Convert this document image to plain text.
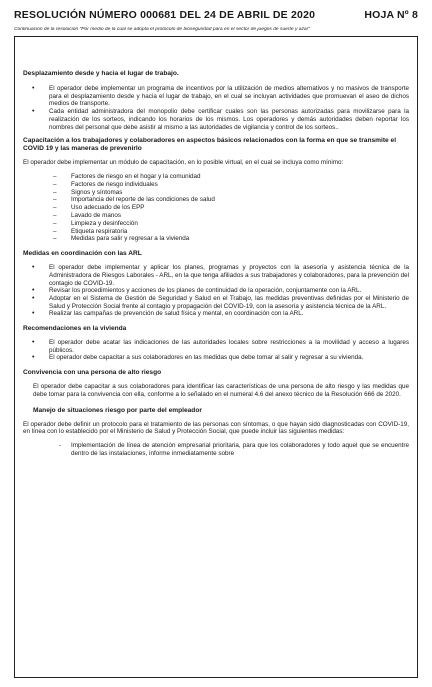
RESOLUCIÓN NÚMERO 000681 DEL 24 DE ABRIL DE 2020	HOJA Nº 8
Continuación de la resolución "Por medio de la cual se adopta el protocolo de bioseguridad para en el sector de juegos de suerte y azar"

Desplazamiento desde y hacia el lugar de trabajo.

• El operador debe implementar un programa de incentivos por la utilización de medios alternativos y no masivos de transporte para el desplazamiento desde y hacia el lugar de trabajo, en el cual se incluyan actividades que promuevan el aseo de dichos medios de transporte.
• Cada entidad administradora del monopolio debe certificar cuales son las personas autorizadas para movilizarse para la realización de los sorteos, indicando los horarios de los mismos. Los operadores y demás autoridades deben reportar los nombres del personal que debe asistir al mismo a las autoridades de vigilancia y control de los sorteos..

Capacitación a los trabajadores y colaboradores en aspectos básicos relacionados con la forma en que se transmite el COVID 19 y las maneras de prevenirlo

El operador debe implementar un módulo de capacitación, en lo posible virtual, en el cual se incluya como mínimo:

– Factores de riesgo en el hogar y la comunidad
– Factores de riesgo individuales
– Signos y síntomas
– Importancia del reporte de las condiciones de salud
– Uso adecuado de los EPP
– Lavado de manos
– Limpieza y desinfección
– Etiqueta respiratoria
– Medidas para salir y regresar a la vivienda

Medidas en coordinación con las ARL

• El operador debe implementar y aplicar los planes, programas y proyectos con la asesoría y asistencia técnica de la Administradora de Riesgos Laborales - ARL, en la que tenga afiliados a sus trabajadores y colaboradores, para la prevención del contagio de COVID-19.
• Revisar los procedimientos y acciones de los planes de continuidad de la operación, conjuntamente con la ARL.
• Adoptar en el Sistema de Gestión de Seguridad y Salud en el Trabajo, las medidas preventivas definidas por el Ministerio de Salud y Protección Social frente al contagio y propagación del COVID-19, con la asesoría y asistencia técnica de la ARL.
• Realizar las campañas de prevención de salud física y mental, en coordinación con la ARL.

Recomendaciones en la vivienda

• El operador debe acatar las indicaciones de las autoridades locales sobre restricciones a la movilidad y acceso a lugares públicos.
• El operador debe capacitar a sus colaboradores en las medidas que debe tomar al salir y regresar a su vivienda.

Convivencia con una persona de alto riesgo

El operador debe capacitar a sus colaboradores para identificar las características de una persona de alto riesgo y las medidas que debe tomar para la convivencia con ella, conforme a lo señalado en el numeral 4.6 del anexo técnico de la Resolución 666 de 2020.

Manejo de situaciones riesgo por parte del empleador

El operador debe definir un protocolo para el tratamiento de las personas con síntomas, o que hayan sido diagnosticadas con COVID-19, en línea con lo establecido por el Ministerio de Salud y Protección Social, que puede incluir las siguientes medidas:

- Implementación de línea de atención empresarial prioritaria, para que los colaboradores y todo aquel que se encuentre dentro de las instalaciones, informe inmediatamente sobre
